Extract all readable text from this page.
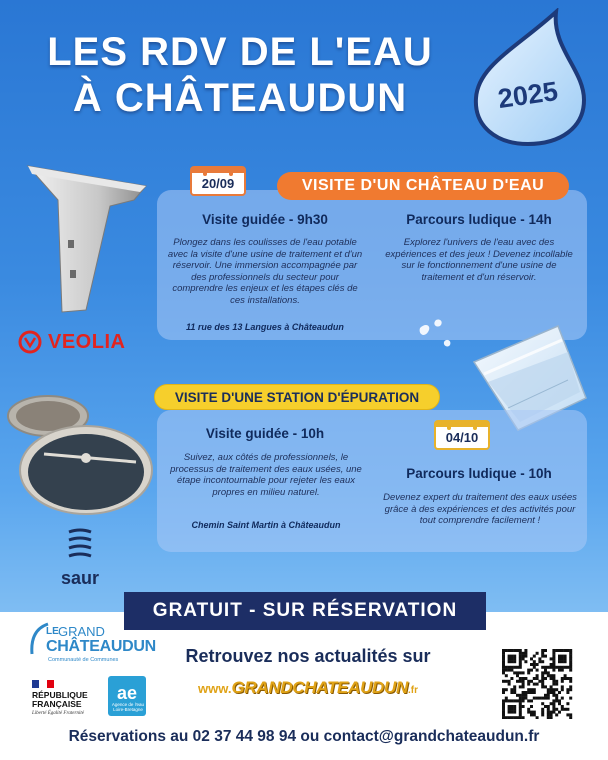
LES RDV DE L'EAU
À CHÂTEAUDUN	2025
20/09	VISITE D'UN CHÂTEAU D'EAU
Visite guidée - 9h30
Plongez dans les coulisses de l'eau potable avec la visite d'une usine de traitement et d'un réservoir. Une immersion accompagnée par des professionnels du secteur pour comprendre les enjeux et les étapes clés de ces installations.
11 rue des 13 Langues à Châteaudun
Parcours ludique - 14h
Explorez l'univers de l'eau avec des expériences et des jeux ! Devenez incollable sur le fonctionnement d'une usine de traitement et d'un réservoir.
VEOLIA
VISITE D'UNE STATION D'ÉPURATION
04/10
Visite guidée - 10h
Suivez, aux côtés de professionnels, le processus de traitement des eaux usées, une étape incontournable pour rejeter les eaux propres en milieu naturel.
Chemin Saint Martin à Châteaudun
Parcours ludique - 10h
Devenez expert du traitement des eaux usées grâce à des expériences et des activités pour tout comprendre facilement !
saur
GRATUIT - SUR RÉSERVATION
LE GRAND
CHÂTEAUDUN
Communauté de Communes
RÉPUBLIQUE FRANÇAISE
Liberté Égalité Fraternité
ae
Agence de l'eau Loire-Bretagne
Retrouvez nos actualités sur
www.GRANDCHATEAUDUN.fr
Réservations au 02 37 44 98 94 ou contact@grandchateaudun.fr
